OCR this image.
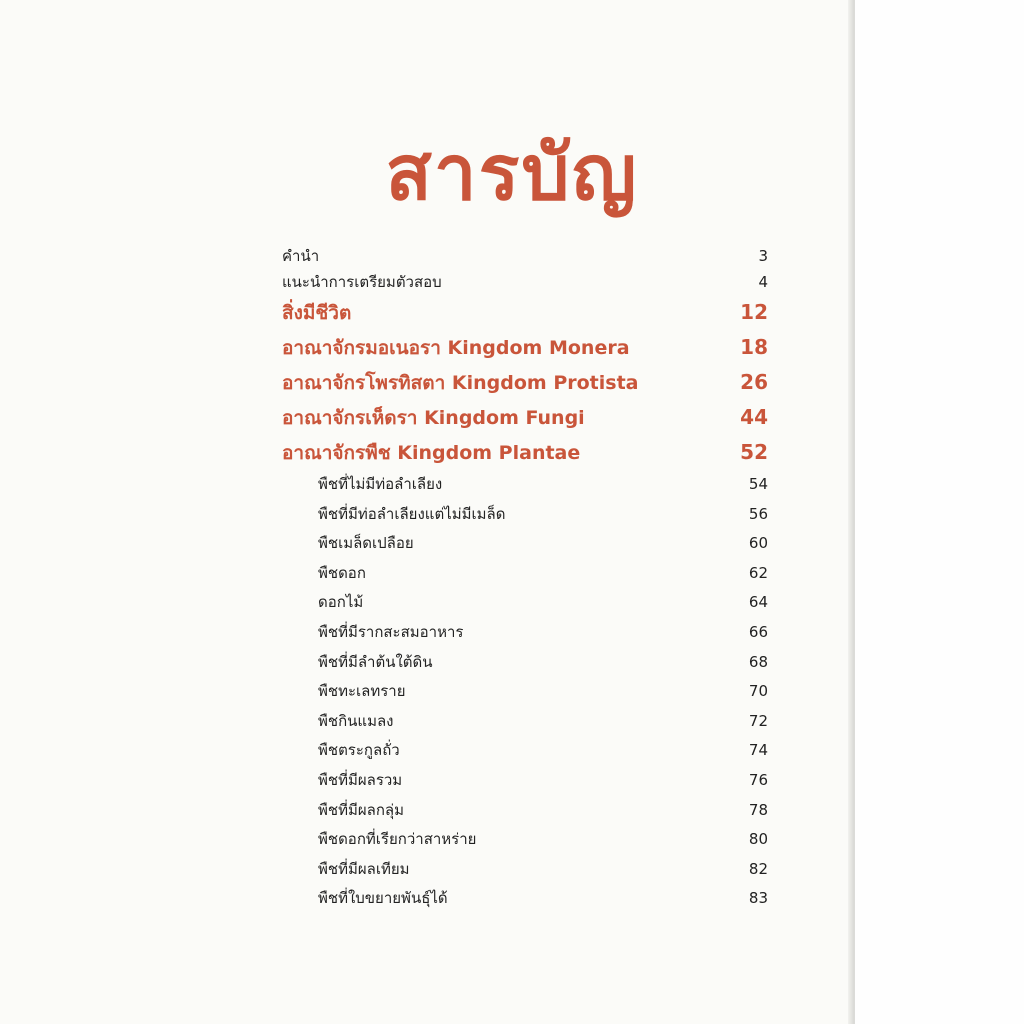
สารบัญ
คำนำ	3
แนะนำการเตรียมตัวสอบ	4
สิ่งมีชีวิต	12
อาณาจักรมอเนอรา Kingdom Monera	18
อาณาจักรโพรทิสตา Kingdom Protista	26
อาณาจักรเห็ดรา Kingdom Fungi	44
อาณาจักรพืช Kingdom Plantae	52
พืชที่ไม่มีท่อลำเลียง	54
พืชที่มีท่อลำเลียงแต่ไม่มีเมล็ด	56
พืชเมล็ดเปลือย	60
พืชดอก	62
ดอกไม้	64
พืชที่มีรากสะสมอาหาร	66
พืชที่มีลำต้นใต้ดิน	68
พืชทะเลทราย	70
พืชกินแมลง	72
พืชตระกูลถั่ว	74
พืชที่มีผลรวม	76
พืชที่มีผลกลุ่ม	78
พืชดอกที่เรียกว่าสาหร่าย	80
พืชที่มีผลเทียม	82
พืชที่ใบขยายพันธุ์ได้	83
